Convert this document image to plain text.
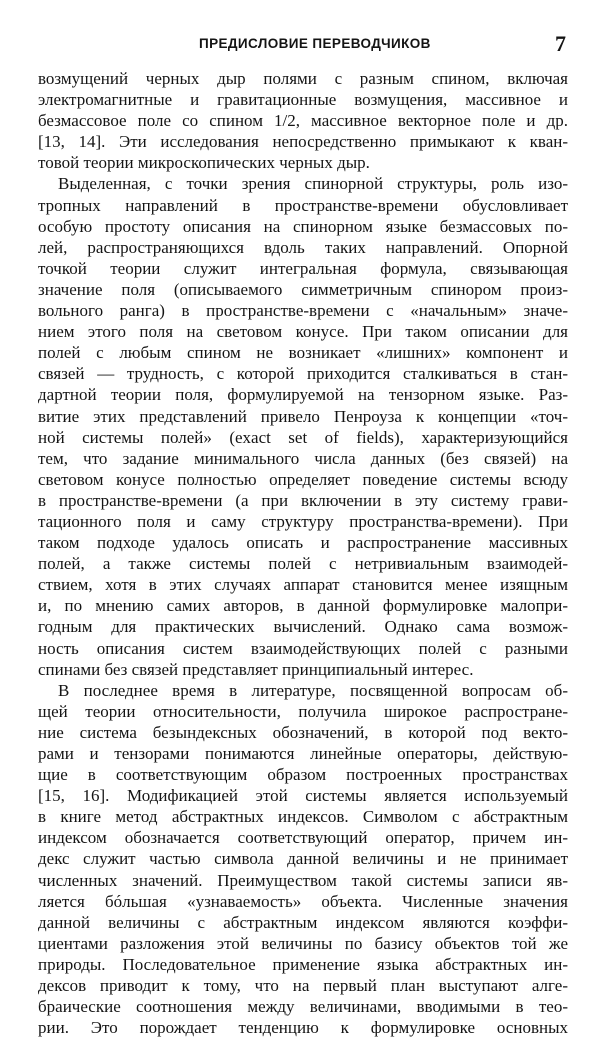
ПРЕДИСЛОВИЕ ПЕРЕВОДЧИКОВ	7
возмущений черных дыр полями с разным спином, включая
электромагнитные и гравитационные возмущения, массивное и
безмассовое поле со спином 1/2, массивное векторное поле и др.
[13, 14]. Эти исследования непосредственно примыкают к кван-
товой теории микроскопических черных дыр.
Выделенная, с точки зрения спинорной структуры, роль изо-
тропных направлений в пространстве-времени обусловливает
особую простоту описания на спинорном языке безмассовых по-
лей, распространяющихся вдоль таких направлений. Опорной
точкой теории служит интегральная формула, связывающая
значение поля (описываемого симметричным спинором произ-
вольного ранга) в пространстве-времени с «начальным» значе-
нием этого поля на световом конусе. При таком описании для
полей с любым спином не возникает «лишних» компонент и
связей — трудность, с которой приходится сталкиваться в стан-
дартной теории поля, формулируемой на тензорном языке. Раз-
витие этих представлений привело Пенроуза к концепции «точ-
ной системы полей» (exact set of fields), характеризующийся
тем, что задание минимального числа данных (без связей) на
световом конусе полностью определяет поведение системы всюду
в пространстве-времени (а при включении в эту систему грави-
тационного поля и саму структуру пространства-времени). При
таком подходе удалось описать и распространение массивных
полей, а также системы полей с нетривиальным взаимодей-
ствием, хотя в этих случаях аппарат становится менее изящным
и, по мнению самих авторов, в данной формулировке малопри-
годным для практических вычислений. Однако сама возмож-
ность описания систем взаимодействующих полей с разными
спинами без связей представляет принципиальный интерес.
В последнее время в литературе, посвященной вопросам об-
щей теории относительности, получила широкое распростране-
ние система безындексных обозначений, в которой под векто-
рами и тензорами понимаются линейные операторы, действую-
щие в соответствующим образом построенных пространствах
[15, 16]. Модификацией этой системы является используемый
в книге метод абстрактных индексов. Символом с абстрактным
индексом обозначается соответствующий оператор, причем ин-
декс служит частью символа данной величины и не принимает
численных значений. Преимуществом такой системы записи яв-
ляется бóльшая «узнаваемость» объекта. Численные значения
данной величины с абстрактным индексом являются коэффи-
циентами разложения этой величины по базису объектов той же
природы. Последовательное применение языка абстрактных ин-
дексов приводит к тому, что на первый план выступают алге-
браические соотношения между величинами, вводимыми в тео-
рии. Это порождает тенденцию к формулировке основных
